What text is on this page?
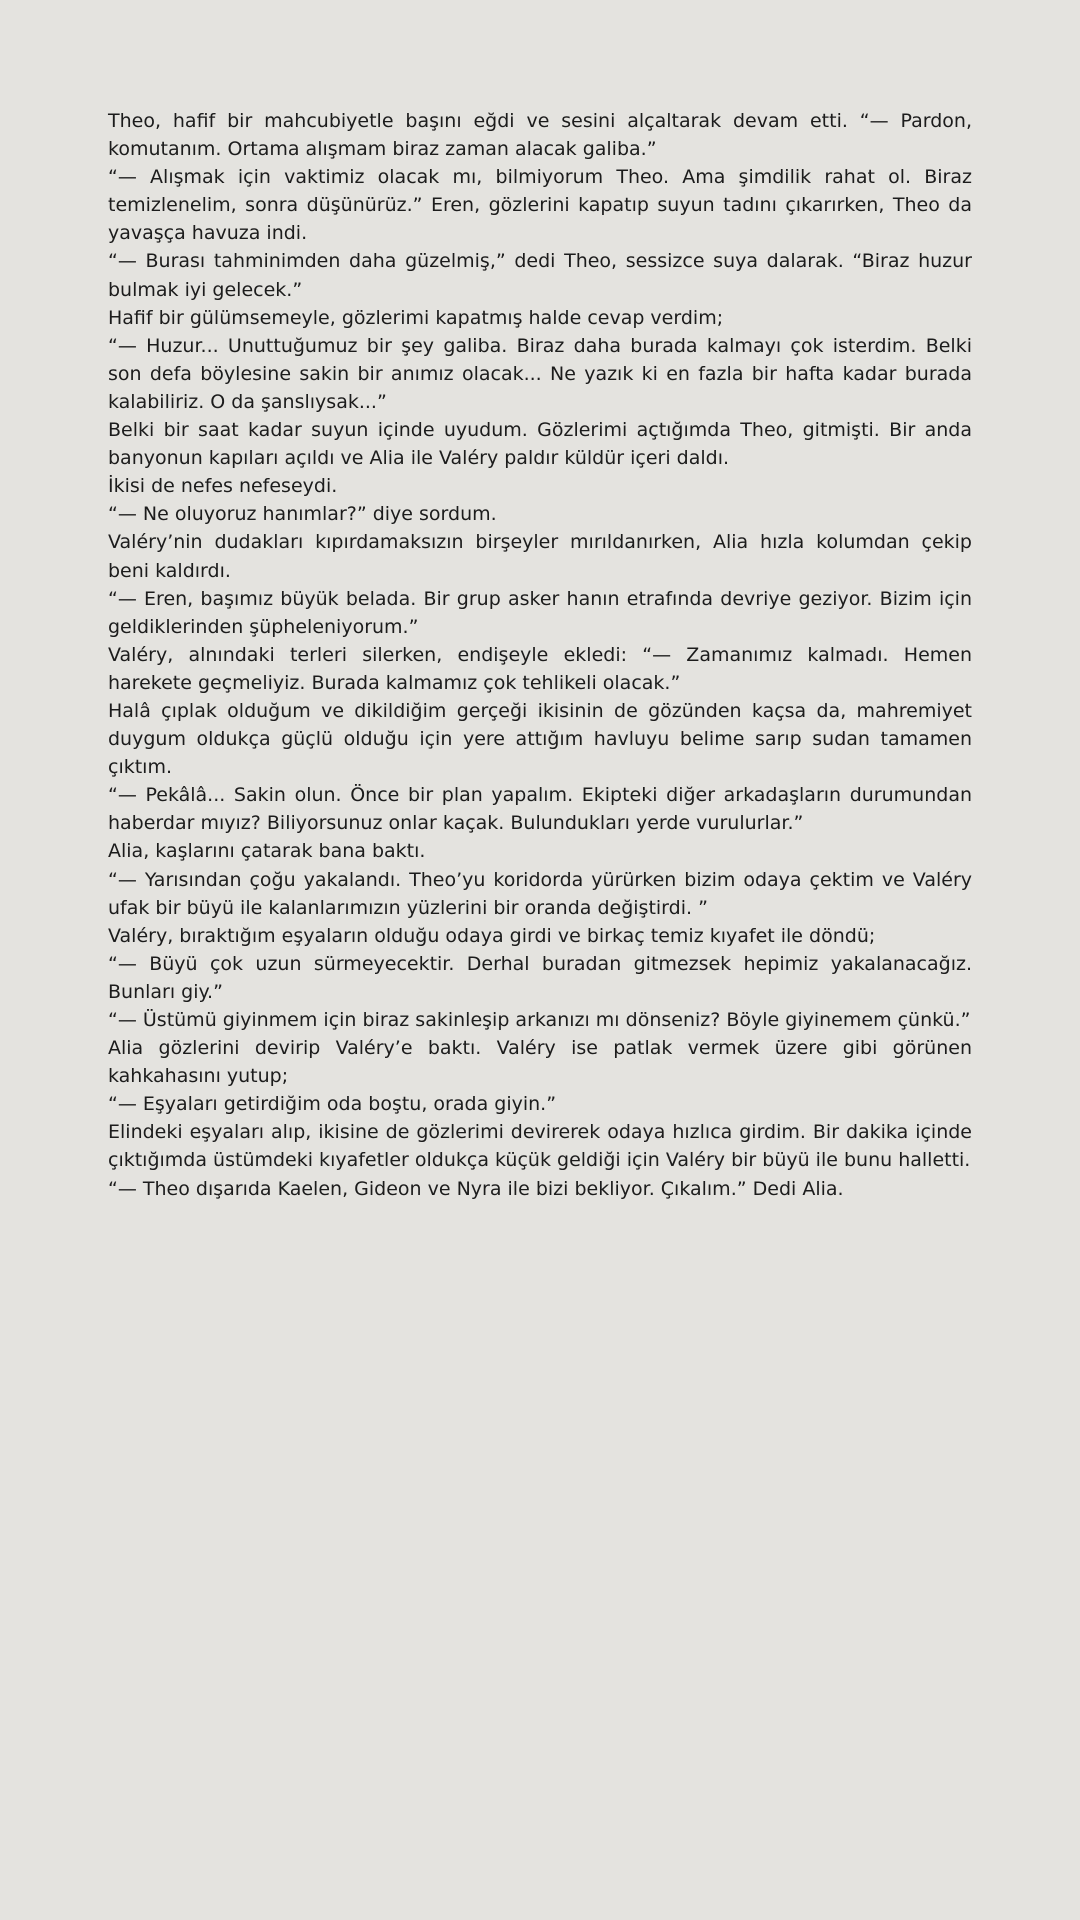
Theo, hafif bir mahcubiyetle başını eğdi ve sesini alçaltarak devam etti. “— Pardon, komutanım. Ortama alışmam biraz zaman alacak galiba.”

“— Alışmak için vaktimiz olacak mı, bilmiyorum Theo. Ama şimdilik rahat ol. Biraz temizlenelim, sonra düşünürüz.” Eren, gözlerini kapatıp suyun tadını çıkarırken, Theo da yavaşça havuza indi.

“— Burası tahminimden daha güzelmiş,” dedi Theo, sessizce suya dalarak. “Biraz huzur bulmak iyi gelecek.”

Hafif bir gülümsemeyle, gözlerimi kapatmış halde cevap verdim;

“— Huzur... Unuttuğumuz bir şey galiba. Biraz daha burada kalmayı çok isterdim. Belki son defa böylesine sakin bir anımız olacak... Ne yazık ki en fazla bir hafta kadar burada kalabiliriz. O da şanslıysak...”

Belki bir saat kadar suyun içinde uyudum. Gözlerimi açtığımda Theo, gitmişti. Bir anda banyonun kapıları açıldı ve Alia ile Valéry paldır küldür içeri daldı.

İkisi de nefes nefeseydi.

“— Ne oluyoruz hanımlar?” diye sordum.

Valéry’nin dudakları kıpırdamaksızın birşeyler mırıldanırken, Alia hızla kolumdan çekip beni kaldırdı.

“— Eren, başımız büyük belada. Bir grup asker hanın etrafında devriye geziyor. Bizim için geldiklerinden şüpheleniyorum.”

Valéry, alnındaki terleri silerken, endişeyle ekledi: “— Zamanımız kalmadı. Hemen harekete geçmeliyiz. Burada kalmamız çok tehlikeli olacak.”

Halâ çıplak olduğum ve dikildiğim gerçeği ikisinin de gözünden kaçsa da, mahremiyet duygum oldukça güçlü olduğu için yere attığım havluyu belime sarıp sudan tamamen çıktım.

“— Pekâlâ... Sakin olun. Önce bir plan yapalım. Ekipteki diğer arkadaşların durumundan haberdar mıyız? Biliyorsunuz onlar kaçak. Bulundukları yerde vurulurlar.”

Alia, kaşlarını çatarak bana baktı.

“— Yarısından çoğu yakalandı. Theo’yu koridorda yürürken bizim odaya çektim ve Valéry ufak bir büyü ile kalanlarımızın yüzlerini bir oranda değiştirdi. ”

Valéry, bıraktığım eşyaların olduğu odaya girdi ve birkaç temiz kıyafet ile döndü;

“— Büyü çok uzun sürmeyecektir. Derhal buradan gitmezsek hepimiz yakalanacağız. Bunları giy.”

“— Üstümü giyinmem için biraz sakinleşip arkanızı mı dönseniz? Böyle giyinemem çünkü.”

Alia gözlerini devirip Valéry’e baktı. Valéry ise patlak vermek üzere gibi görünen kahkahasını yutup;

“— Eşyaları getirdiğim oda boştu, orada giyin.”

Elindeki eşyaları alıp, ikisine de gözlerimi devirerek odaya hızlıca girdim. Bir dakika içinde çıktığımda üstümdeki kıyafetler oldukça küçük geldiği için Valéry bir büyü ile bunu halletti.

“— Theo dışarıda Kaelen, Gideon ve Nyra ile bizi bekliyor. Çıkalım.” Dedi Alia.
